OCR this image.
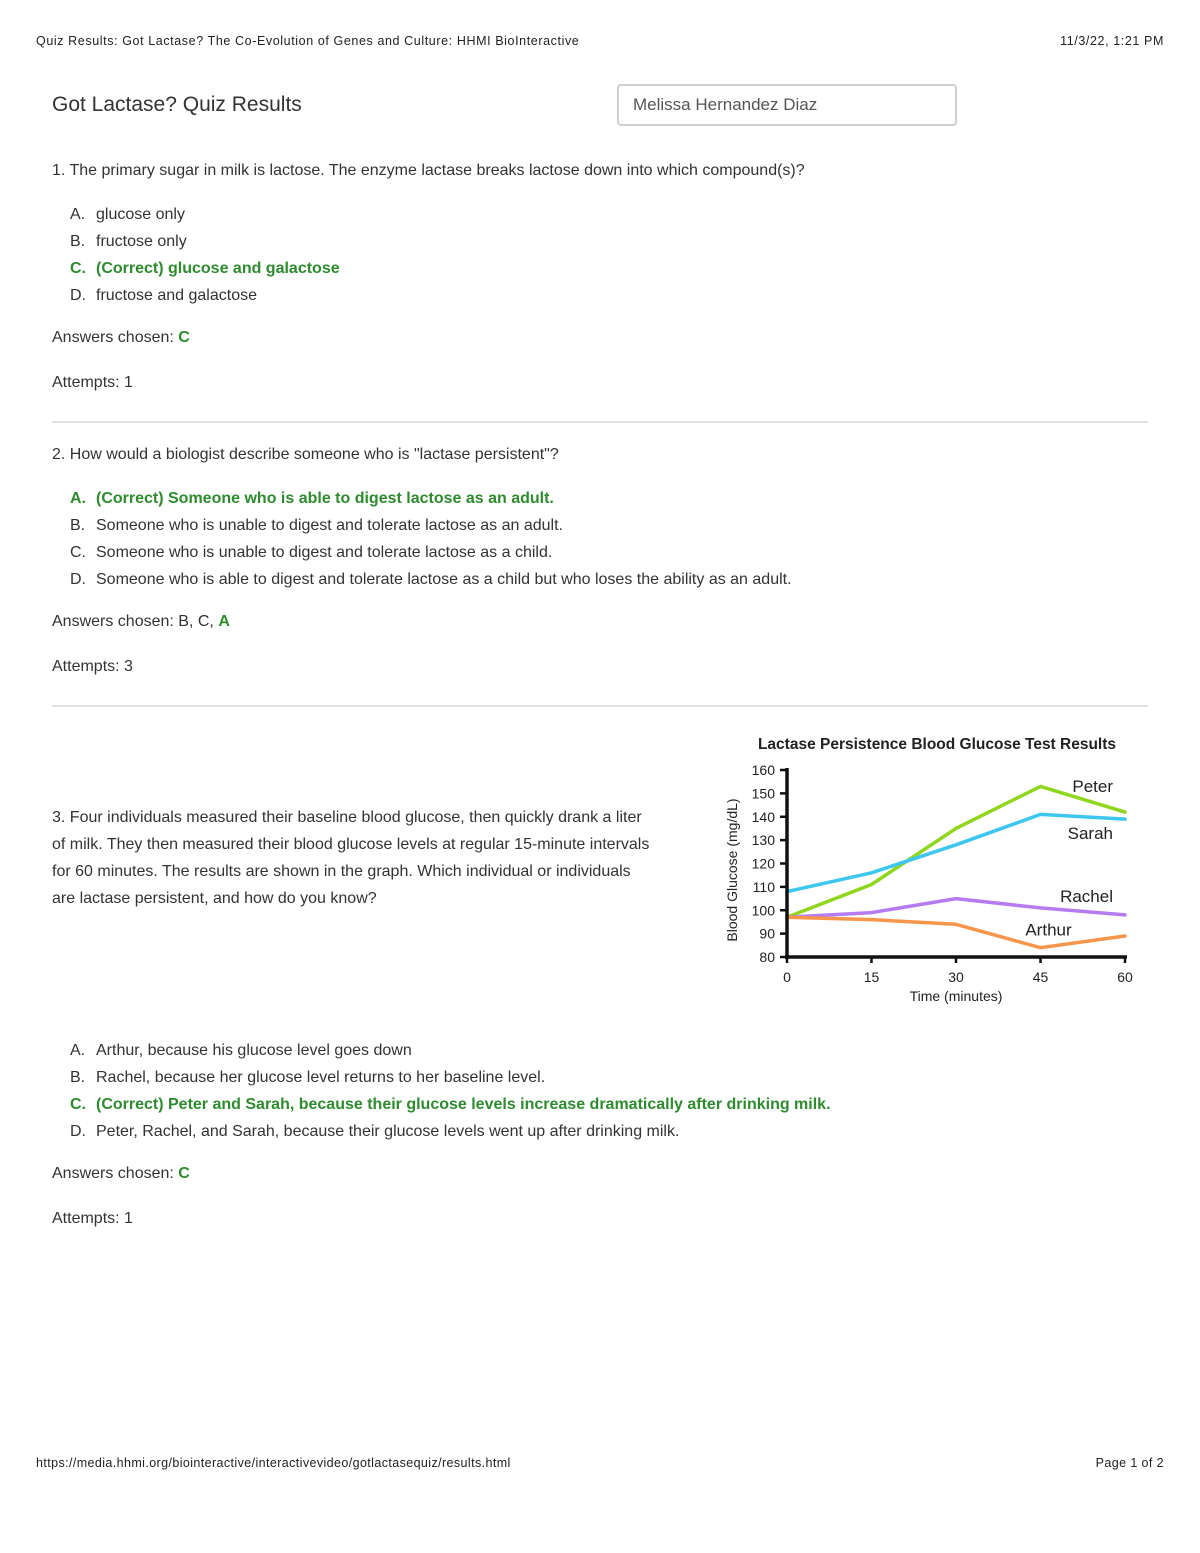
Quiz Results: Got Lactase? The Co-Evolution of Genes and Culture: HHMI BioInteractive	11/3/22, 1:21 PM
Got Lactase? Quiz Results	Melissa Hernandez Diaz

1. The primary sugar in milk is lactose. The enzyme lactase breaks lactose down into which compound(s)?

A. glucose only
B. fructose only
C. (Correct) glucose and galactose
D. fructose and galactose

Answers chosen: C

Attempts: 1

2. How would a biologist describe someone who is "lactase persistent"?

A. (Correct) Someone who is able to digest lactose as an adult.
B. Someone who is unable to digest and tolerate lactose as an adult.
C. Someone who is unable to digest and tolerate lactose as a child.
D. Someone who is able to digest and tolerate lactose as a child but who loses the ability as an adult.

Answers chosen: B, C, A

Attempts: 3

3. Four individuals measured their baseline blood glucose, then quickly drank a liter of milk. They then measured their blood glucose levels at regular 15-minute intervals for 60 minutes. The results are shown in the graph. Which individual or individuals are lactase persistent, and how do you know?

Lactase Persistence Blood Glucose Test Results
Time (minutes)
Blood Glucose (mg/dL)
80
90
100
110
120
130
140
150
160
0	15	30	45	60
Peter
Sarah
Rachel
Arthur
A. Arthur, because his glucose level goes down
B. Rachel, because her glucose level returns to her baseline level.
C. (Correct) Peter and Sarah, because their glucose levels increase dramatically after drinking milk.
D. Peter, Rachel, and Sarah, because their glucose levels went up after drinking milk.

Answers chosen: C

Attempts: 1

https://media.hhmi.org/biointeractive/interactivevideo/gotlactasequiz/results.html	Page 1 of 2
